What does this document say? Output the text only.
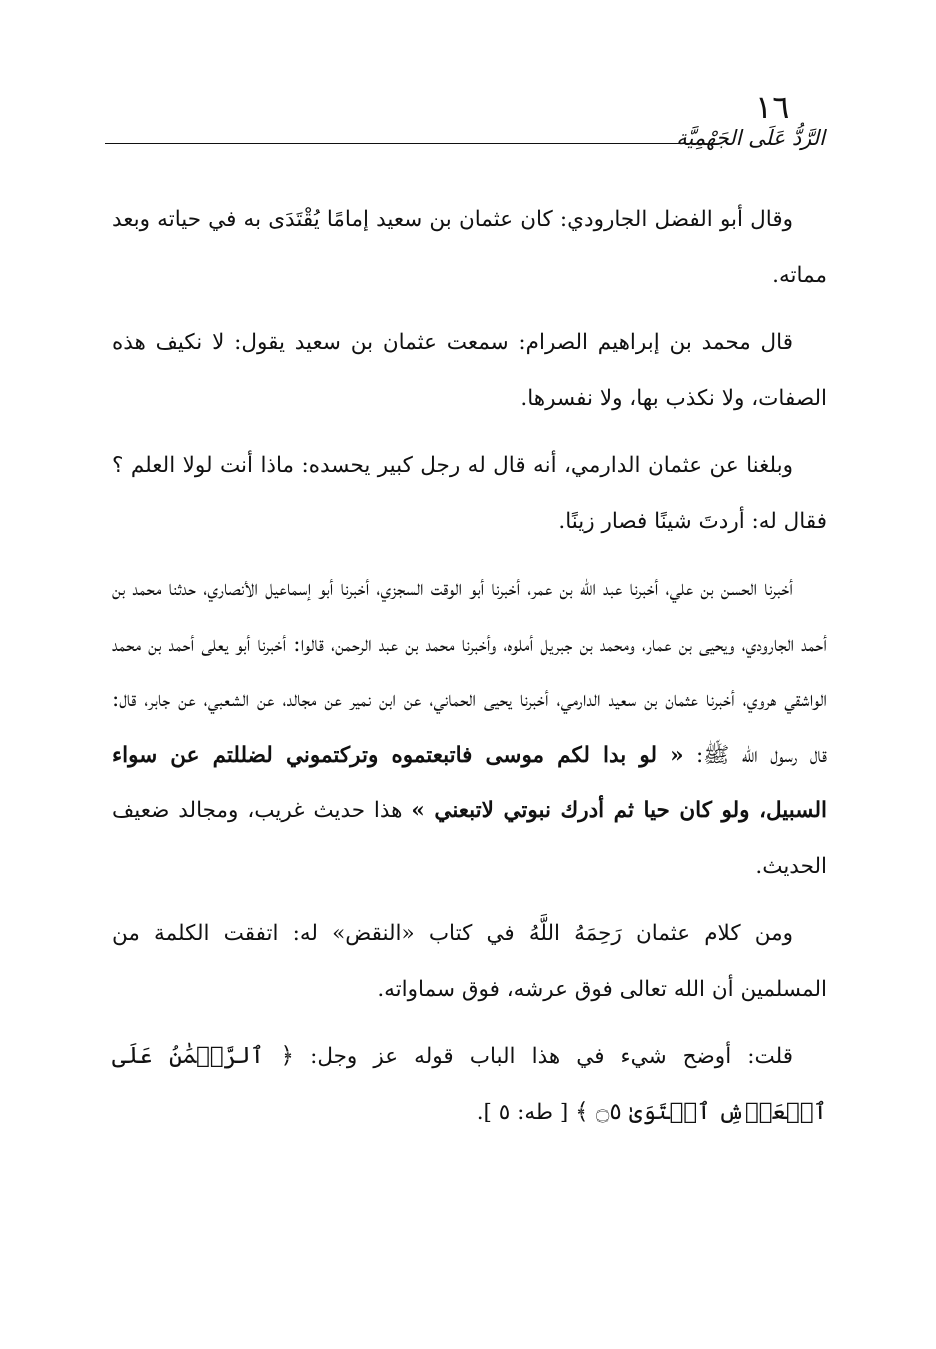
١٦
الرَّدُّ عَلَى الجَهْمِيَّة

وقال أبو الفضل الجارودي: كان عثمان بن سعيد إمامًا يُقْتَدَى به في حياته وبعد مماته.

قال محمد بن إبراهيم الصرام: سمعت عثمان بن سعيد يقول: لا نكيف هذه الصفات، ولا نكذب بها، ولا نفسرها.

وبلغنا عن عثمان الدارمي، أنه قال له رجل كبير يحسده: ماذا أنت لولا العلم ؟ فقال له: أردتَ شينًا فصار زينًا.

أخبرنا الحسن بن علي، أخبرنا عبد الله بن عمر، أخبرنا أبو الوقت السجزي، أخبرنا أبو إسماعيل الأنصاري، حدثنا محمد بن أحمد الجارودي، ويحيى بن عمار، ومحمد بن جبريل أملوه، وأخبرنا محمد بن عبد الرحمن، قالوا: أخبرنا أبو يعلى أحمد بن محمد الواشقي هروي، أخبرنا عثمان بن سعيد الدارمي، أخبرنا يحيى الحماني، عن ابن نمير عن مجالد، عن الشعبي، عن جابر، قال: قال رسول الله ﷺ: « لو بدا لكم موسى فاتبعتموه وتركتموني لضللتم عن سواء السبيل، ولو كان حيا ثم أدرك نبوتي لاتبعني » هذا حديث غريب، ومجالد ضعيف الحديث.

ومن كلام عثمان رَحِمَهُ اللَّهُ في كتاب «النقض» له: اتفقت الكلمة من المسلمين أن الله تعالى فوق عرشه، فوق سماواته.

قلت: أوضح شيء في هذا الباب قوله عز وجل: ﴿ ٱلرَّحۡمَٰنُ عَلَى ٱلۡعَرۡشِ ٱسۡتَوَىٰ ۝٥ ﴾ [ طه: ٥ ].
